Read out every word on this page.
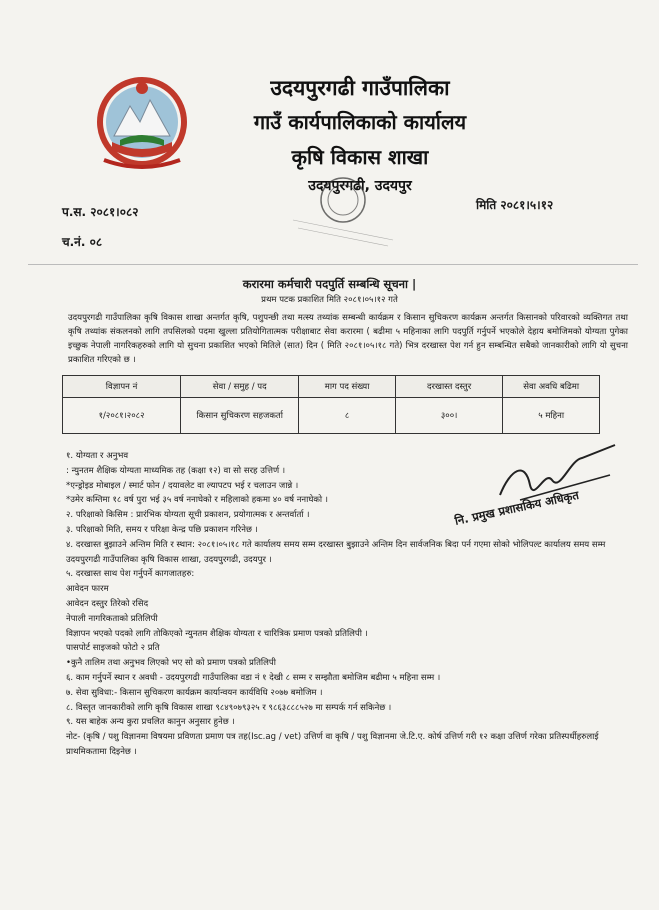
उदयपुरगढी गाउँपालिका
गाउँ कार्यपालिकाको कार्यालय
कृषि विकास शाखा
उदयपुरगढी, उदयपुर
प.स. २०८१।०८२
च.नं. ०८
मिति २०८१।५।१२
करारमा कर्मचारी पदपुर्ति सम्बन्धि सूचना |
प्रथम पटक प्रकाशित मिति २०८१।०५।१२ गते
उदयपुरगढी गाउँपालिका कृषि विकास शाखा अन्तर्गत कृषि, पशुपन्छी तथा मत्स्य तथ्यांक सम्बन्धी कार्यक्रम र किसान सुचिकरण कार्यक्रम अन्तर्गत किसानको परिवारको व्यक्तिगत तथा कृषि तथ्यांक संकलनको लागि तपसिलको पदमा खुल्ला प्रतियोगितात्मक परीक्षाबाट सेवा करारमा ( बढीमा ५ महिनाका लागि पदपुर्ति गर्नुपर्ने भएकोले देहाय बमोजिमको योग्यता पुगेका इच्छुक नेपाली नागरिकहरुको लागि यो सुचना प्रकाशित भएको मितिले (सात) दिन ( मिति २०८१।०५।१८ गते) भित्र दरखास्त पेश गर्न हुन सम्बन्धित सबैको जानकारीको लागि यो सुचना प्रकाशित गरिएको छ ।
विज्ञापन नं	सेवा / समुह / पद	माग पद संख्या	दरखास्त दस्तुर	सेवा अवधि बढिमा
१/२०८१।२०८२	किसान सुचिकरण सहजकर्ता	८	३००।	५ महिना
१. योग्यता र अनुभव
: न्युनतम शैक्षिक योग्यता माध्यमिक तह (कक्षा १२) वा सो सरह उत्तिर्ण ।
*एन्ड्रोइड मोबाइल / स्मार्ट फोन / दयावलेट वा ल्यापटप भई र चलाउन जान्ने ।
*उमेर कम्तिमा १८ वर्ष पुरा भई ३५ वर्ष ननाघेको र महिलाको हकमा ४० वर्ष ननाघेको ।
२. परिक्षाको किसिम : प्रारंभिक योग्यता सूची प्रकाशन, प्रयोगात्मक र अन्तर्वार्ता ।
३. परिक्षाको मिति, समय र परिक्षा केन्द्र पछि प्रकाशन गरिनेछ ।
४. दरखास्त बुझाउने अन्तिम मिति र स्थान: २०८१।०५।१८ गते कार्यालय समय सम्म दरखास्त बुझाउने अन्तिम दिन सार्वजनिक बिदा पर्न गएमा सोको भोलिपल्ट कार्यालय समय सम्म उदयपुरगढी गाउँपालिका कृषि विकास शाखा, उदयपुरगढी, उदयपुर ।
५. दरखास्त साथ पेश गर्नुपर्ने कागजातहरु:
आवेदन फारम
आवेदन दस्तुर तिरेको रसिद
नेपाली नागरिकताको प्रतिलिपी
विज्ञापन भएको पदको लागि तोकिएको न्युनतम शैक्षिक योग्यता र चारित्रिक प्रमाण पत्रको प्रतिलिपी ।
पासपोर्ट साइजको फोटो २ प्रति
•कुनै तालिम तथा अनुभव लिएको भए सो को प्रमाण पत्रको प्रतिलिपी
६. काम गर्नुपर्ने स्थान र अवधी - उदयपुरगढी गाउँपालिका वडा नं १ देखी ८ सम्म र सम्झौता बमोजिम बढीमा ५ महिना सम्म ।
७. सेवा सुविधा:- किसान सुचिकरण कार्यक्रम कार्यान्वयन कार्यविधि २०७७ बमोजिम ।
८. विस्तृत जानकारीको लागि कृषि विकास शाखा ९८४९०७९३२५ र ९८६३८८८५२७ मा सम्पर्क गर्न सकिनेछ ।
९. यस बाहेक अन्य कुरा प्रचलित कानुन अनुसार हुनेछ ।
नोट- (कृषि / पशु विज्ञानमा विषयमा प्रविणता प्रमाण पत्र तह(Isc.ag / vet) उत्तिर्ण वा कृषि / पशु विज्ञानमा जे.टि.ए. कोर्ष उत्तिर्ण गरी १२ कक्षा उत्तिर्ण गरेका प्रतिस्पर्धीहरुलाई प्राथमिकतामा दिइनेछ ।
नि. प्रमुख प्रशासकिय अधिकृत
